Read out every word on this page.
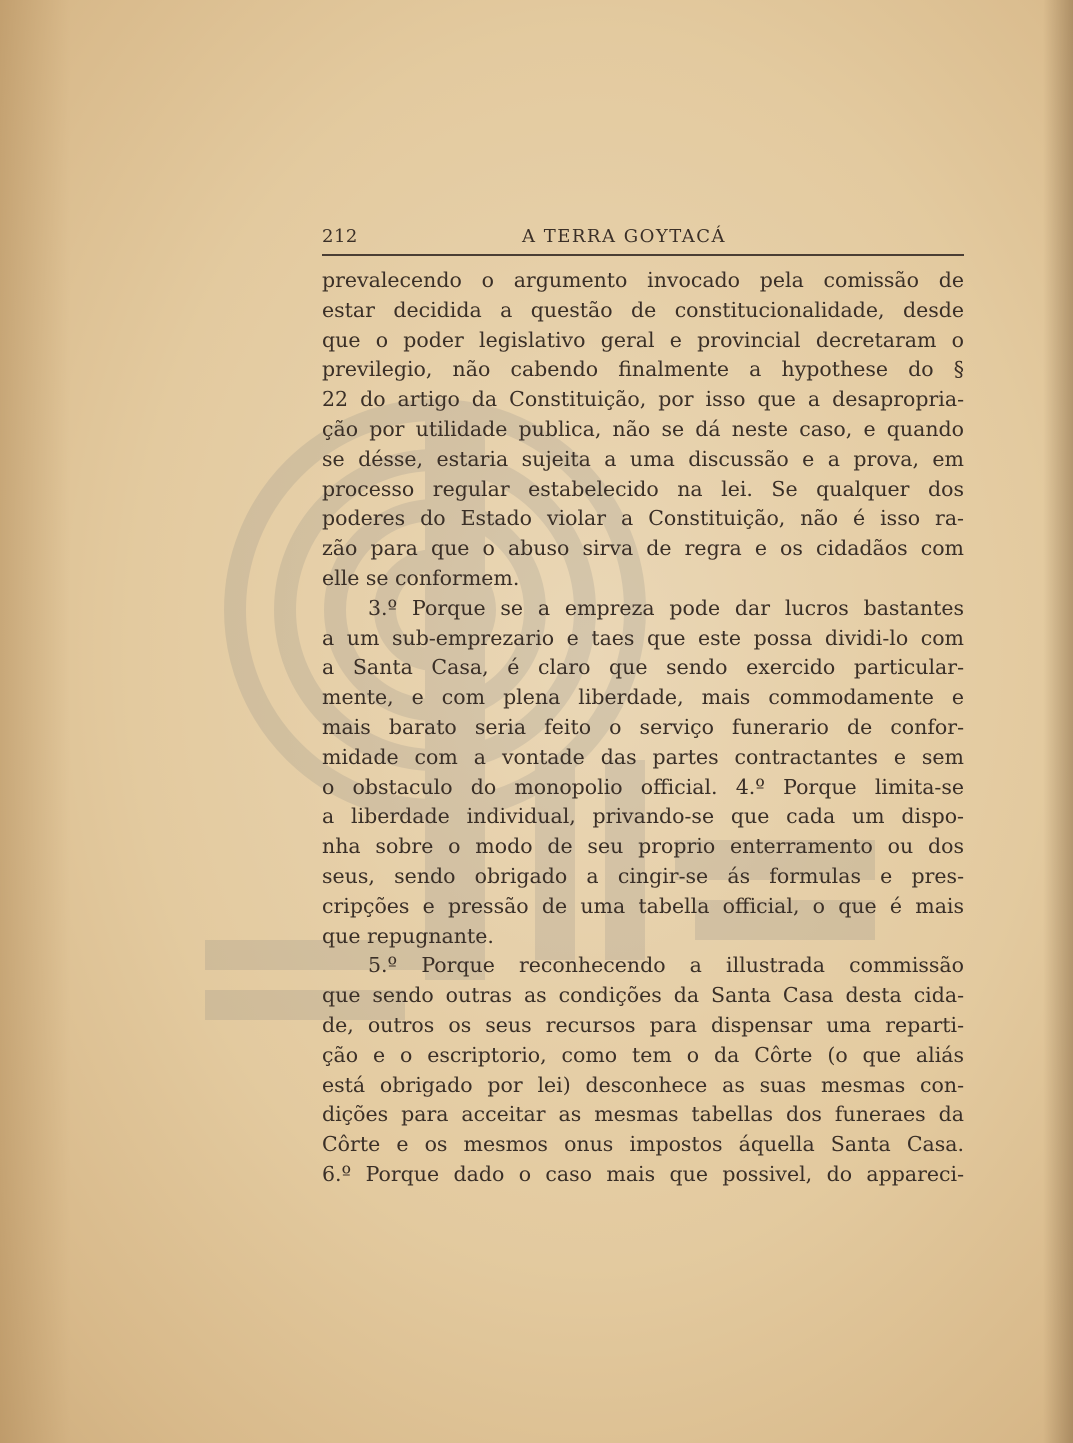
212	A TERRA GOYTACÁ
prevalecendo o argumento invocado pela comissão de
estar decidida a questão de constitucionalidade, desde
que o poder legislativo geral e provincial decretaram o
previlegio, não cabendo finalmente a hypothese do §
22 do artigo da Constituição, por isso que a desapropria-
ção por utilidade publica, não se dá neste caso, e quando
se désse, estaria sujeita a uma discussão e a prova, em
processo regular estabelecido na lei. Se qualquer dos
poderes do Estado violar a Constituição, não é isso ra-
zão para que o abuso sirva de regra e os cidadãos com
elle se conformem.
3.º Porque se a empreza pode dar lucros bastantes
a um sub-emprezario e taes que este possa dividi-lo com
a Santa Casa, é claro que sendo exercido particular-
mente, e com plena liberdade, mais commodamente e
mais barato seria feito o serviço funerario de confor-
midade com a vontade das partes contractantes e sem
o obstaculo do monopolio official. 4.º Porque limita-se
a liberdade individual, privando-se que cada um dispo-
nha sobre o modo de seu proprio enterramento ou dos
seus, sendo obrigado a cingir-se ás formulas e pres-
cripções e pressão de uma tabella official, o que é mais
que repugnante.
5.º Porque reconhecendo a illustrada commissão
que sendo outras as condições da Santa Casa desta cida-
de, outros os seus recursos para dispensar uma reparti-
ção e o escriptorio, como tem o da Côrte (o que aliás
está obrigado por lei) desconhece as suas mesmas con-
dições para acceitar as mesmas tabellas dos funeraes da
Côrte e os mesmos onus impostos áquella Santa Casa.
6.º Porque dado o caso mais que possivel, do appareci-
